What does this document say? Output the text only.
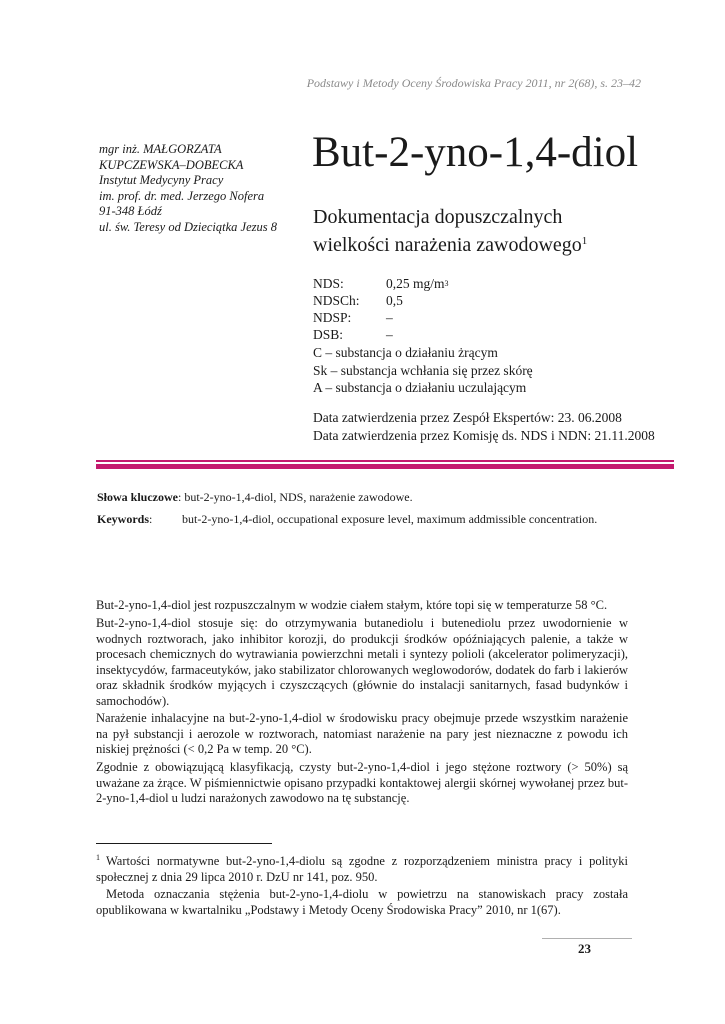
Podstawy i Metody Oceny Środowiska Pracy 2011, nr 2(68), s. 23–42
mgr inż. MAŁGORZATA
KUPCZEWSKA–DOBECKA
Instytut Medycyny Pracy
im. prof. dr. med. Jerzego Nofera
91-348 Łódź
ul. św. Teresy od Dzieciątka Jezus 8
But-2-yno-1,4-diol
Dokumentacja dopuszczalnych
wielkości narażenia zawodowego$^1$
NDS:	0,25 mg/m 3
NDSCh:	0,5
NDSP:	–
DSB:	–
C – substancja o działaniu żrącym
Sk – substancja wchłania się przez skórę
A – substancja o działaniu uczulającym
Data zatwierdzenia przez Zespół Ekspertów: 23. 06.2008
Data zatwierdzenia przez Komisję ds. NDS i NDN: 21.11.2008
Słowa kluczowe: but-2-yno-1,4-diol, NDS, narażenie zawodowe.
Keywords: but-2-yno-1,4-diol, occupational exposure level, maximum addmissible concentration.
But-2-yno-1,4-diol jest rozpuszczalnym w wodzie ciałem stałym, które topi się w temperaturze 58 °C.
But-2-yno-1,4-diol stosuje się: do otrzymywania butanediolu i butenediolu przez uwodornienie w wodnych roztworach, jako inhibitor korozji, do produkcji środków opóźniających palenie, a także w procesach chemicznych do wytrawiania powierzchni metali i syntezy polioli (akcelerator polimeryzacji), insektycydów, farmaceutyków, jako stabilizator chlorowanych weglowodorów, dodatek do farb i lakierów oraz składnik środków myjących i czyszczących (głównie do instalacji sanitarnych, fasad budynków i samochodów).
Narażenie inhalacyjne na but-2-yno-1,4-diol w środowisku pracy obejmuje przede wszystkim narażenie na pył substancji i aerozole w roztworach, natomiast narażenie na pary jest nieznaczne z powodu ich niskiej prężności (< 0,2 Pa w temp. 20 °C).
Zgodnie z obowiązującą klasyfikacją, czysty but-2-yno-1,4-diol i jego stężone roztwory (> 50%) są uważane za żrące. W piśmiennictwie opisano przypadki kontaktowej alergii skórnej wywołanej przez but-2-yno-1,4-diol u ludzi narażonych zawodowo na tę substancję.
$^1$ Wartości normatywne but-2-yno-1,4-diolu są zgodne z rozporządzeniem ministra pracy i polityki społecznej z dnia 29 lipca 2010 r. DzU nr 141, poz. 950.
Metoda oznaczania stężenia but-2-yno-1,4-diolu w powietrzu na stanowiskach pracy została opublikowana w kwartalniku „Podstawy i Metody Oceny Środowiska Pracy” 2010, nr 1(67).
23
